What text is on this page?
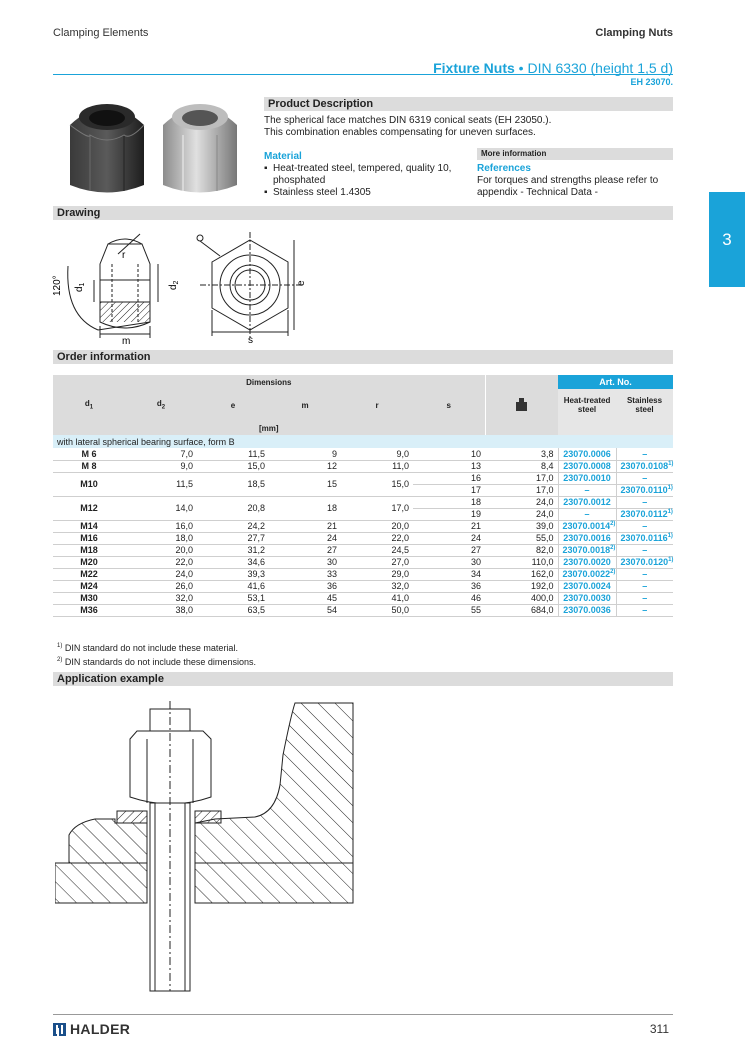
Clamping Elements	Clamping Nuts
Fixture Nuts • DIN 6330 (height 1,5 d)
EH 23070.
3
Product Description
The spherical face matches DIN 6319 conical seats (EH 23050.).
This combination enables compensating for uneven surfaces.
Material
▪ Heat-treated steel, tempered, quality 10, phosphated
▪ Stainless steel 1.4305
More information
References
For torques and strengths please refer to appendix - Technical Data -
Drawing
120° $d_1$	$d_2$
r
e
m	s
Order information
Dimensions							Art. No.	
$d_1$	$d_2$	e	m	r	s		Heat-treated steel	Stainless steel
[mm]								
with lateral spherical bearing surface, form B								
M 6	7,0	11,5	9	9,0	10	3,8	23070.0006	–
M 8	9,0	15,0	12	11,0	13	8,4	23070.0008	23070.0108$^{1)}$
M10	11,5	18,5	15	15,0	16	17,0	23070.0010	–
					17	17,0	–	23070.0110$^{1)}$
M12	14,0	20,8	18	17,0	18	24,0	23070.0012	–
					19	24,0	–	23070.0112$^{1)}$
M14	16,0	24,2	21	20,0	21	39,0	23070.0014$^{2)}$	–
M16	18,0	27,7	24	22,0	24	55,0	23070.0016	23070.0116$^{1)}$
M18	20,0	31,2	27	24,5	27	82,0	23070.0018$^{2)}$	–
M20	22,0	34,6	30	27,0	30	110,0	23070.0020	23070.0120$^{1)}$
M22	24,0	39,3	33	29,0	34	162,0	23070.0022$^{2)}$	–
M24	26,0	41,6	36	32,0	36	192,0	23070.0024	–
M30	32,0	53,1	45	41,0	46	400,0	23070.0030	–
M36	38,0	63,5	54	50,0	55	684,0	23070.0036	–
$^{1)}$ DIN standard do not include these material.
$^{2)}$ DIN standards do not include these dimensions.
Application example
HALDER	311
